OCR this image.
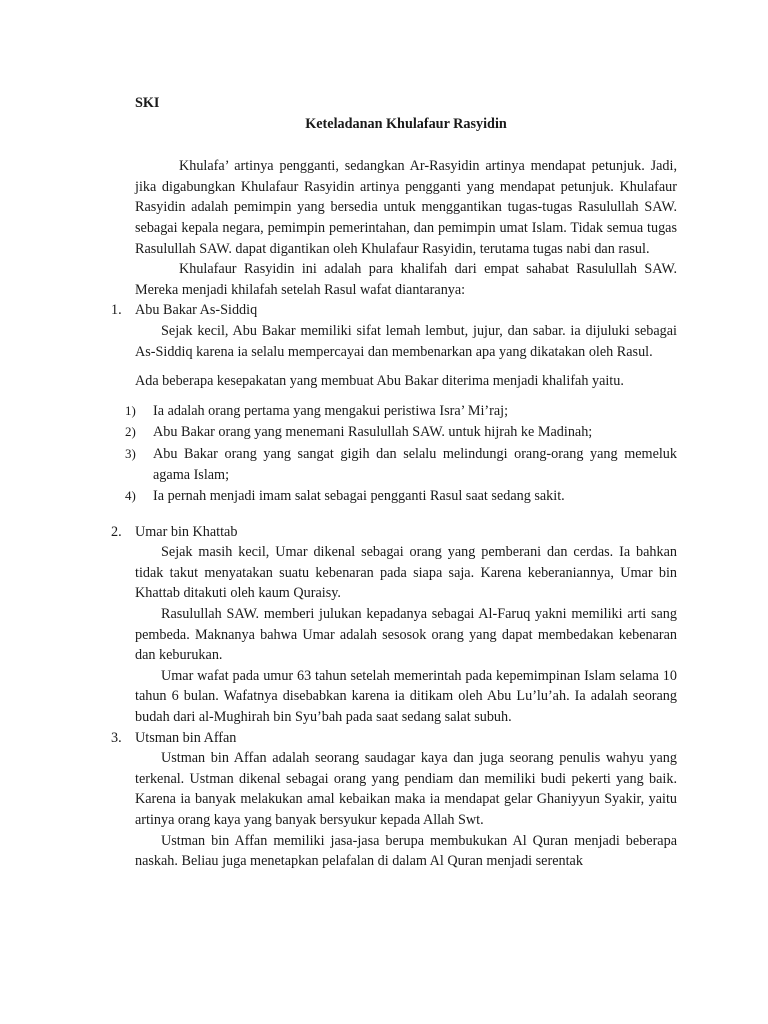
SKI

Keteladanan Khulafaur Rasyidin

Khulafa’ artinya pengganti, sedangkan Ar-Rasyidin artinya mendapat petunjuk. Jadi, jika digabungkan Khulafaur Rasyidin artinya pengganti yang mendapat petunjuk. Khulafaur Rasyidin adalah pemimpin yang bersedia untuk menggantikan tugas-tugas Rasulullah SAW. sebagai kepala negara, pemimpin pemerintahan, dan pemimpin umat Islam. Tidak semua tugas Rasulullah SAW. dapat digantikan oleh Khulafaur Rasyidin, terutama tugas nabi dan rasul.

Khulafaur Rasyidin ini adalah para khalifah dari empat sahabat Rasulullah SAW. Mereka menjadi khilafah setelah Rasul wafat diantaranya:

1. Abu Bakar As-Siddiq

Sejak kecil, Abu Bakar memiliki sifat lemah lembut, jujur, dan sabar. ia dijuluki sebagai As-Siddiq karena ia selalu mempercayai dan membenarkan apa yang dikatakan oleh Rasul.

Ada beberapa kesepakatan yang membuat Abu Bakar diterima menjadi khalifah yaitu.

1) Ia adalah orang pertama yang mengakui peristiwa Isra’ Mi’raj;
2) Abu Bakar orang yang menemani Rasulullah SAW. untuk hijrah ke Madinah;
3) Abu Bakar orang yang sangat gigih dan selalu melindungi orang-orang yang memeluk agama Islam;
4) Ia pernah menjadi imam salat sebagai pengganti Rasul saat sedang sakit.
2. Umar bin Khattab

Sejak masih kecil, Umar dikenal sebagai orang yang pemberani dan cerdas. Ia bahkan tidak takut menyatakan suatu kebenaran pada siapa saja. Karena keberaniannya, Umar bin Khattab ditakuti oleh kaum Quraisy.

Rasulullah SAW. memberi julukan kepadanya sebagai Al-Faruq yakni memiliki arti sang pembeda. Maknanya bahwa Umar adalah sesosok orang yang dapat membedakan kebenaran dan keburukan.

Umar wafat pada umur 63 tahun setelah memerintah pada kepemimpinan Islam selama 10 tahun 6 bulan. Wafatnya disebabkan karena ia ditikam oleh Abu Lu’lu’ah. Ia adalah seorang budah dari al-Mughirah bin Syu’bah pada saat sedang salat subuh.

3. Utsman bin Affan

Ustman bin Affan adalah seorang saudagar kaya dan juga seorang penulis wahyu yang terkenal. Ustman dikenal sebagai orang yang pendiam dan memiliki budi pekerti yang baik. Karena ia banyak melakukan amal kebaikan maka ia mendapat gelar Ghaniyyun Syakir, yaitu artinya orang kaya yang banyak bersyukur kepada Allah Swt.

Ustman bin Affan memiliki jasa-jasa berupa membukukan Al Quran menjadi beberapa naskah. Beliau juga menetapkan pelafalan di dalam Al Quran menjadi serentak
